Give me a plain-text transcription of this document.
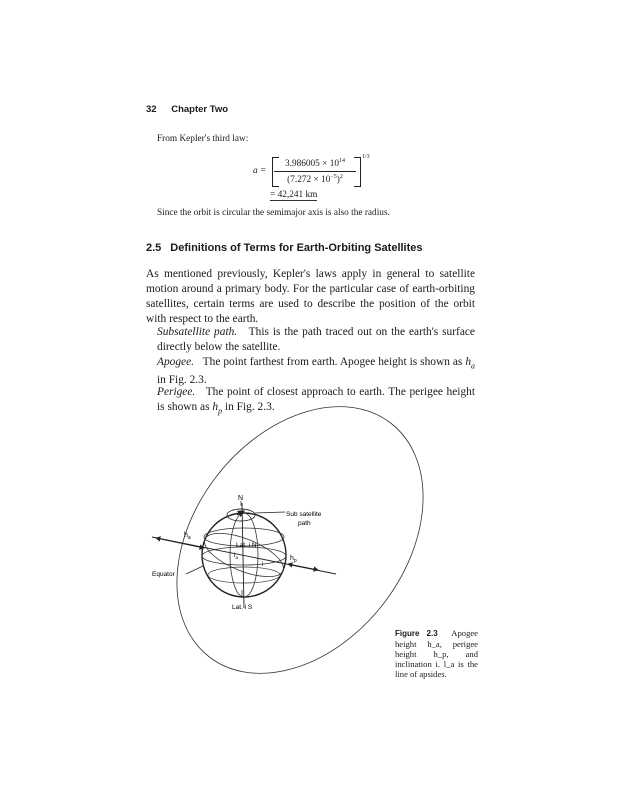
32 Chapter Two
From Kepler's third law:
a =
$3.986005 \times 10^{14}$
$(7.272 \times 10^{-5})^2$
1/3
= 42,241 km
Since the orbit is circular the semimajor axis is also the radius.
2.5 Definitions of Terms for Earth-Orbiting Satellites
As mentioned previously, Kepler's laws apply in general to satellite motion around a primary body. For the particular case of earth-orbiting satellites, certain terms are used to describe the position of the orbit with respect to the earth.
Subsatellite path. This is the path traced out on the earth's surface directly below the satellite.
Apogee. The point farthest from earth. Apogee height is shown as $h_a$ in Fig. 2.3.
Perigee. The point of closest approach to earth. The perigee height is shown as $h_p$ in Fig. 2.3.
N
Sub satellite
path
$h_a$
$h_p$
Lat. i N
$l_a$
i
Equator
Lat. i S
Figure 2.3 Apogee height h_a, perigee height h_p, and inclination i. l_a is the line of apsides.
